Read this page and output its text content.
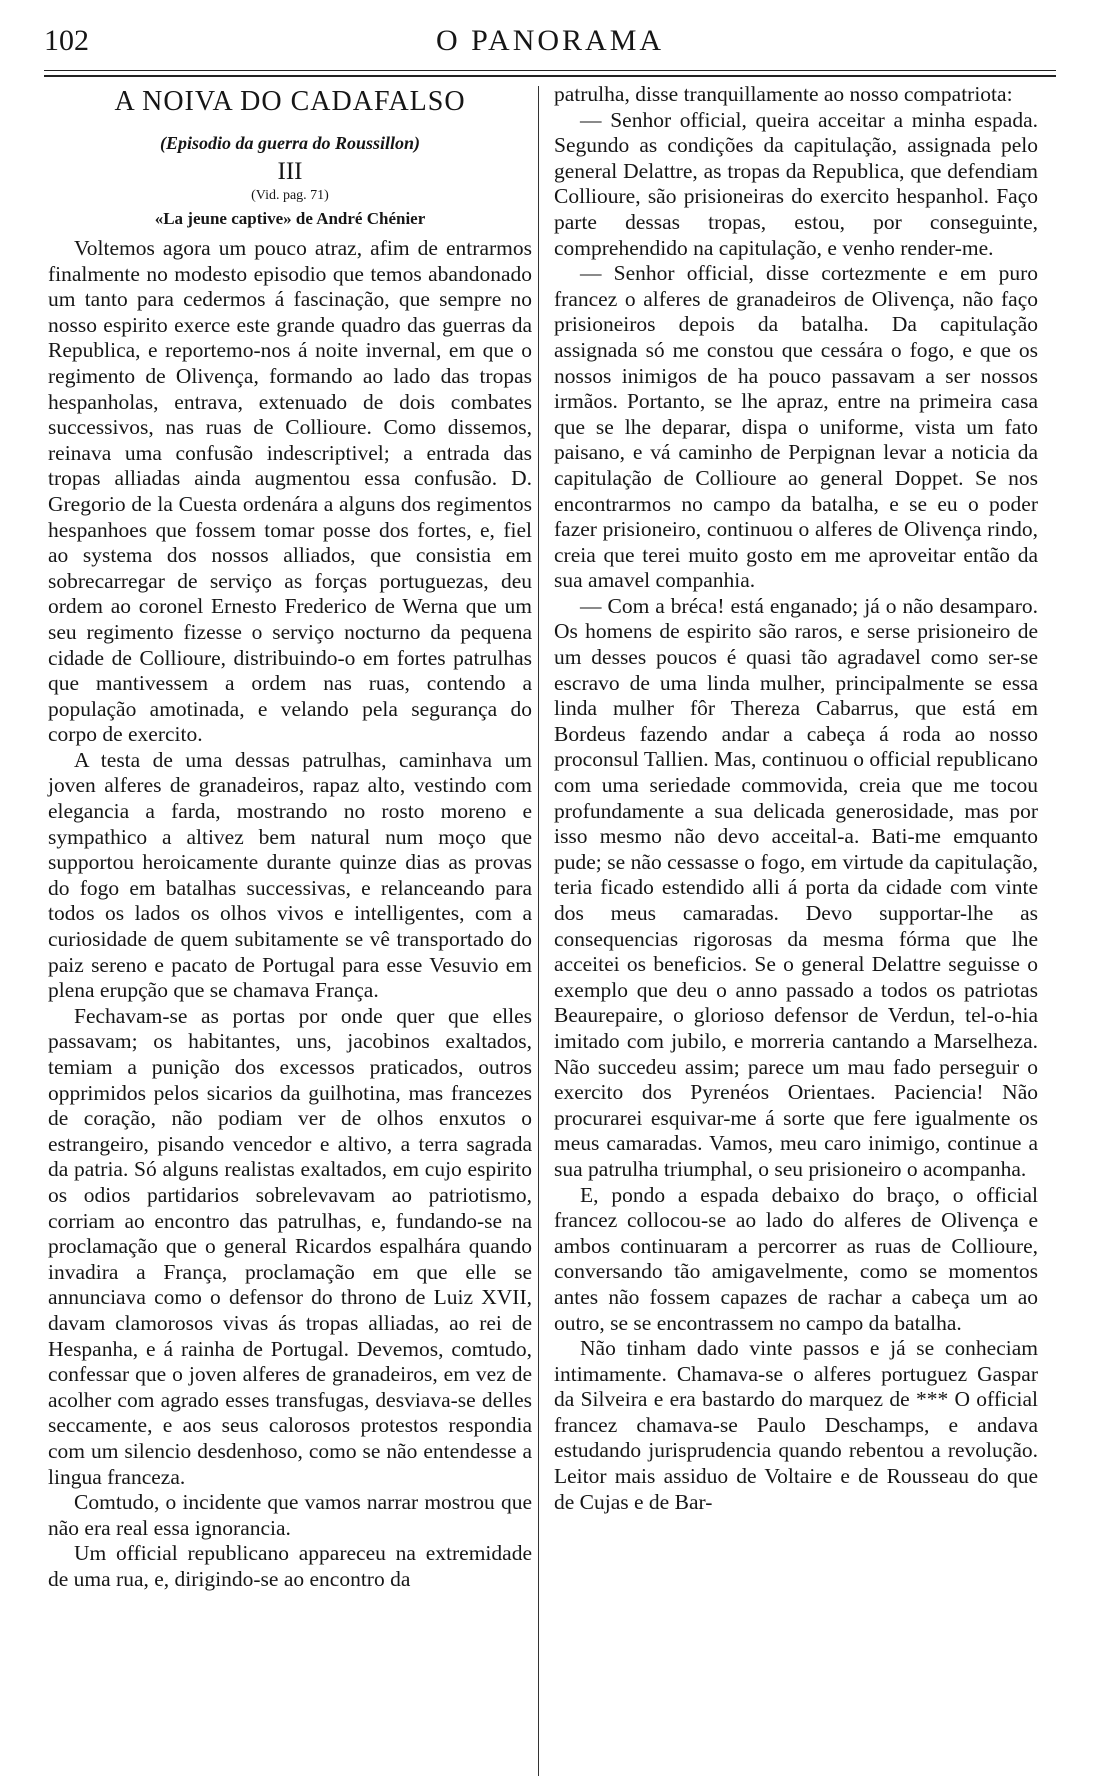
O PANORAMA
102
A NOIVA DO CADAFALSO
(Episodio da guerra do Roussillon)
III
(Vid. pag. 71)
«La jeune captive» de André Chénier

Voltemos agora um pouco atraz, afim de entrarmos finalmente no modesto episodio que temos abandonado um tanto para cedermos á fascinação, que sempre no nosso espirito exerce este grande quadro das guerras da Republica, e reportemo-nos á noite invernal, em que o regimento de Olivença, formando ao lado das tropas hespanholas, entrava, extenuado de dois combates successivos, nas ruas de Collioure. Como dissemos, reinava uma confusão indescriptivel; a entrada das tropas alliadas ainda augmentou essa confusão. D. Gregorio de la Cuesta ordenára a alguns dos regimentos hespanhoes que fossem tomar posse dos fortes, e, fiel ao systema dos nossos alliados, que consistia em sobrecarregar de serviço as forças portuguezas, deu ordem ao coronel Ernesto Frederico de Werna que um seu regimento fizesse o serviço nocturno da pequena cidade de Collioure, distribuindo-o em fortes patrulhas que mantivessem a ordem nas ruas, contendo a população amotinada, e velando pela segurança do corpo de exercito.

A testa de uma dessas patrulhas, caminhava um joven alferes de granadeiros, rapaz alto, vestindo com elegancia a farda, mostrando no rosto moreno e sympathico a altivez bem natural num moço que supportou heroicamente durante quinze dias as provas do fogo em batalhas successivas, e relanceando para todos os lados os olhos vivos e intelligentes, com a curiosidade de quem subitamente se vê transportado do paiz sereno e pacato de Portugal para esse Vesuvio em plena erupção que se chamava França.

Fechavam-se as portas por onde quer que elles passavam; os habitantes, uns, jacobinos exaltados, temiam a punição dos excessos praticados, outros opprimidos pelos sicarios da guilhotina, mas francezes de coração, não podiam ver de olhos enxutos o estrangeiro, pisando vencedor e altivo, a terra sagrada da patria. Só alguns realistas exaltados, em cujo espirito os odios partidarios sobrelevavam ao patriotismo, corriam ao encontro das patrulhas, e, fundando-se na proclamação que o general Ricardos espalhára quando invadira a França, proclamação em que elle se annunciava como o defensor do throno de Luiz XVII, davam clamorosos vivas ás tropas alliadas, ao rei de Hespanha, e á rainha de Portugal. Devemos, comtudo, confessar que o joven alferes de granadeiros, em vez de acolher com agrado esses transfugas, desviava-se delles seccamente, e aos seus calorosos protestos respondia com um silencio desdenhoso, como se não entendesse a lingua franceza.

Comtudo, o incidente que vamos narrar mostrou que não era real essa ignorancia.

Um official republicano appareceu na extremidade de uma rua, e, dirigindo-se ao encontro da

patrulha, disse tranquillamente ao nosso compatriota:

— Senhor official, queira acceitar a minha espada. Segundo as condições da capitulação, assignada pelo general Delattre, as tropas da Republica, que defendiam Collioure, são prisioneiras do exercito hespanhol. Faço parte dessas tropas, estou, por conseguinte, comprehendido na capitulação, e venho render-me.

— Senhor official, disse cortezmente e em puro francez o alferes de granadeiros de Olivença, não faço prisioneiros depois da batalha. Da capitulação assignada só me constou que cessára o fogo, e que os nossos inimigos de ha pouco passavam a ser nossos irmãos. Portanto, se lhe apraz, entre na primeira casa que se lhe deparar, dispa o uniforme, vista um fato paisano, e vá caminho de Perpignan levar a noticia da capitulação de Collioure ao general Doppet. Se nos encontrarmos no campo da batalha, e se eu o poder fazer prisioneiro, continuou o alferes de Olivença rindo, creia que terei muito gosto em me aproveitar então da sua amavel companhia.

— Com a bréca! está enganado; já o não desamparo. Os homens de espirito são raros, e serse prisioneiro de um desses poucos é quasi tão agradavel como ser-se escravo de uma linda mulher, principalmente se essa linda mulher fôr Thereza Cabarrus, que está em Bordeus fazendo andar a cabeça á roda ao nosso proconsul Tallien. Mas, continuou o official republicano com uma seriedade commovida, creia que me tocou profundamente a sua delicada generosidade, mas por isso mesmo não devo acceital-a. Bati-me emquanto pude; se não cessasse o fogo, em virtude da capitulação, teria ficado estendido alli á porta da cidade com vinte dos meus camaradas. Devo supportar-lhe as consequencias rigorosas da mesma fórma que lhe acceitei os beneficios. Se o general Delattre seguisse o exemplo que deu o anno passado a todos os patriotas Beaurepaire, o glorioso defensor de Verdun, tel-o-hia imitado com jubilo, e morreria cantando a Marselheza. Não succedeu assim; parece um mau fado perseguir o exercito dos Pyrenéos Orientaes. Paciencia! Não procurarei esquivar-me á sorte que fere igualmente os meus camaradas. Vamos, meu caro inimigo, continue a sua patrulha triumphal, o seu prisioneiro o acompanha.

E, pondo a espada debaixo do braço, o official francez collocou-se ao lado do alferes de Olivença e ambos continuaram a percorrer as ruas de Collioure, conversando tão amigavelmente, como se momentos antes não fossem capazes de rachar a cabeça um ao outro, se se encontrassem no campo da batalha.

Não tinham dado vinte passos e já se conheciam intimamente. Chamava-se o alferes portuguez Gaspar da Silveira e era bastardo do marquez de *** O official francez chamava-se Paulo Deschamps, e andava estudando jurisprudencia quando rebentou a revolução. Leitor mais assiduo de Voltaire e de Rousseau do que de Cujas e de Bar-
